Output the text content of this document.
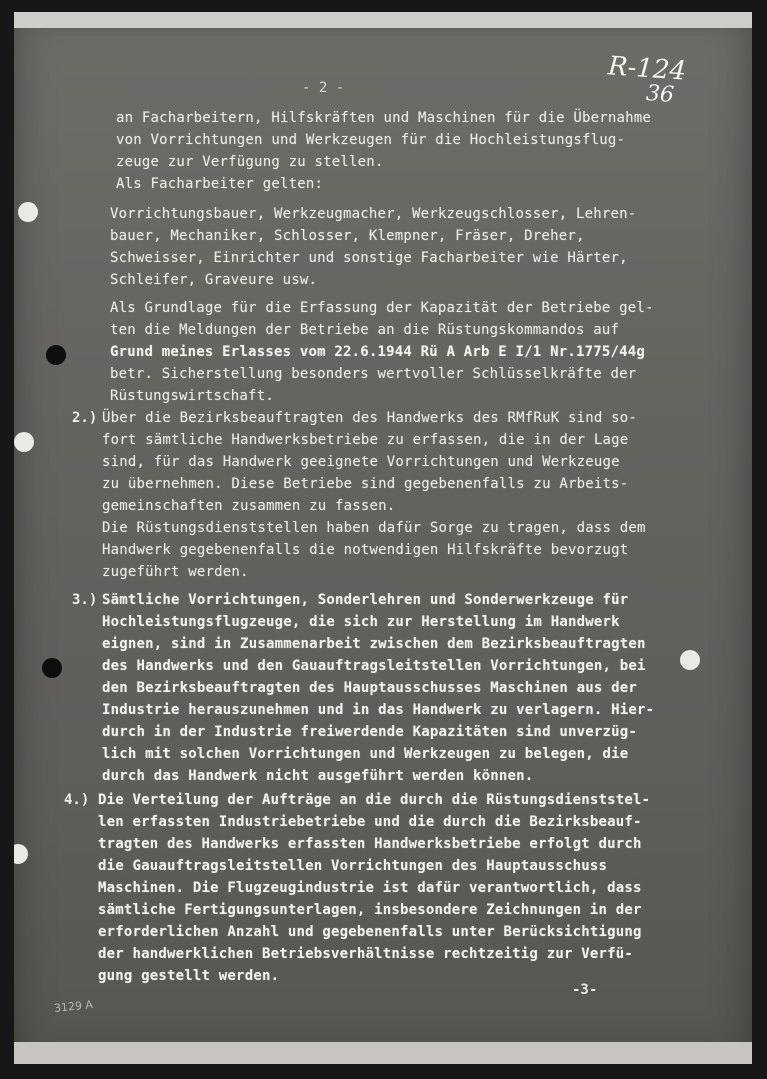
- 2 -
R-124
36
an Facharbeitern, Hilfskräften und Maschinen für die Übernahme
von Vorrichtungen und Werkzeugen für die Hochleistungsflug-
zeuge zur Verfügung zu stellen.
Als Facharbeiter gelten:
Vorrichtungsbauer, Werkzeugmacher, Werkzeugschlosser, Lehren-
bauer, Mechaniker, Schlosser, Klempner, Fräser, Dreher,
Schweisser, Einrichter und sonstige Facharbeiter wie Härter,
Schleifer, Graveure usw.
Als Grundlage für die Erfassung der Kapazität der Betriebe gel-
ten die Meldungen der Betriebe an die Rüstungskommandos auf
Grund meines Erlasses vom 22.6.1944 Rü A Arb E I/1 Nr.1775/44g
betr. Sicherstellung besonders wertvoller Schlüsselkräfte der
Rüstungswirtschaft.
2.) Über die Bezirksbeauftragten des Handwerks des RMfRuK sind so-
fort sämtliche Handwerksbetriebe zu erfassen, die in der Lage
sind, für das Handwerk geeignete Vorrichtungen und Werkzeuge
zu übernehmen. Diese Betriebe sind gegebenenfalls zu Arbeits-
gemeinschaften zusammen zu fassen.
Die Rüstungsdienststellen haben dafür Sorge zu tragen, dass dem
Handwerk gegebenenfalls die notwendigen Hilfskräfte bevorzugt
zugeführt werden.
3.) Sämtliche Vorrichtungen, Sonderlehren und Sonderwerkzeuge für
Hochleistungsflugzeuge, die sich zur Herstellung im Handwerk
eignen, sind in Zusammenarbeit zwischen dem Bezirksbeauftragten
des Handwerks und den Gauauftragsleitstellen Vorrichtungen, bei
den Bezirksbeauftragten des Hauptausschusses Maschinen aus der
Industrie herauszunehmen und in das Handwerk zu verlagern. Hier-
durch in der Industrie freiwerdende Kapazitäten sind unverzüg-
lich mit solchen Vorrichtungen und Werkzeugen zu belegen, die
durch das Handwerk nicht ausgeführt werden können.
4.) Die Verteilung der Aufträge an die durch die Rüstungsdienststel-
len erfassten Industriebetriebe und die durch die Bezirksbeauf-
tragten des Handwerks erfassten Handwerksbetriebe erfolgt durch
die Gauauftragsleitstellen Vorrichtungen des Hauptausschuss
Maschinen. Die Flugzeugindustrie ist dafür verantwortlich, dass
sämtliche Fertigungsunterlagen, insbesondere Zeichnungen in der
erforderlichen Anzahl und gegebenenfalls unter Berücksichtigung
der handwerklichen Betriebsverhältnisse rechtzeitig zur Verfü-
gung gestellt werden.
-3-
3129 A
